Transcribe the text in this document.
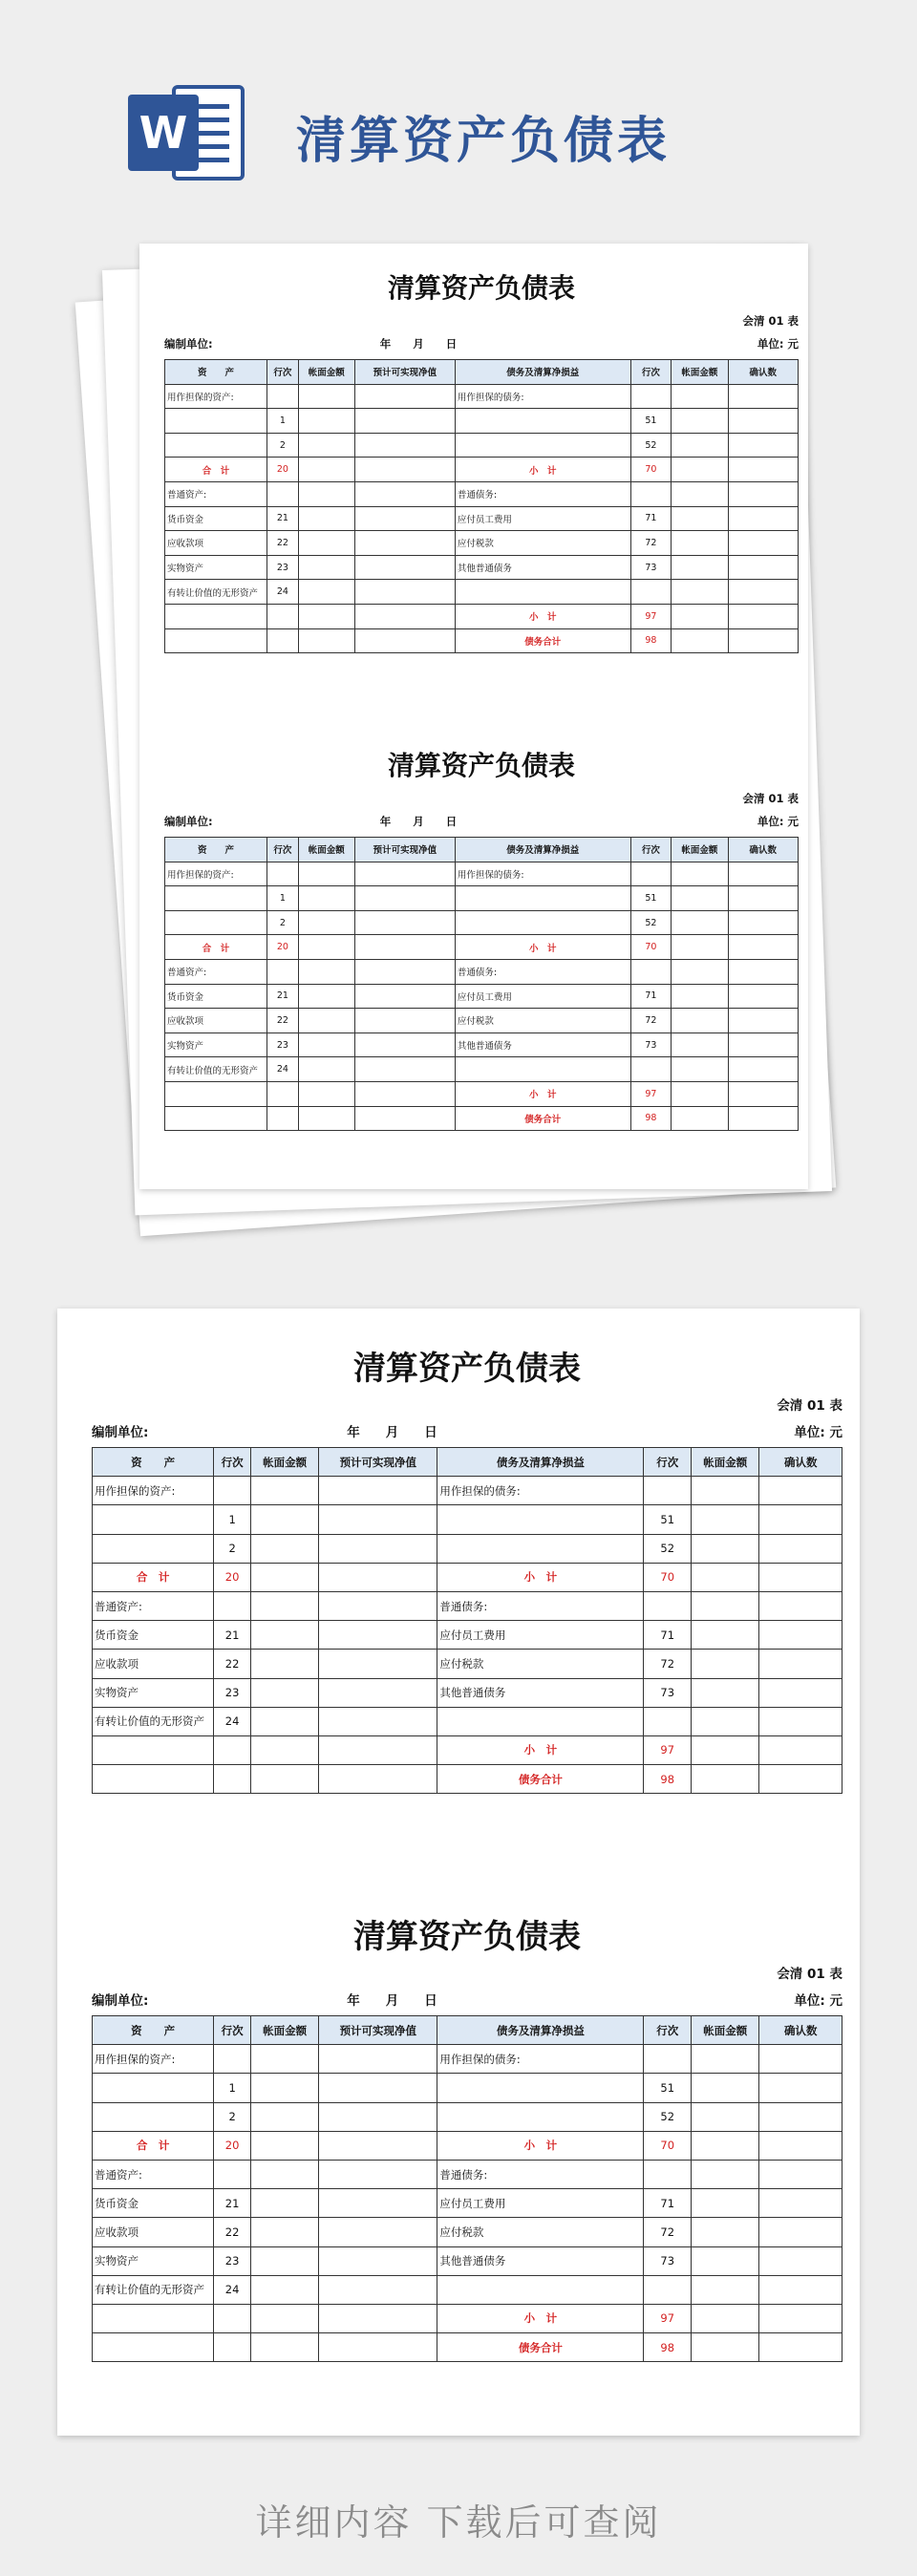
W 清算资产负债表
详细内容 下载后可查阅
清算资产负债表
会清 01 表
编制单位:	年　　月　　日	单位: 元
资　　产	行次	帐面金额	预计可实现净值	债务及清算净损益	行次	帐面金额	确认数
用作担保的资产:				用作担保的债务:			
	1				51		
	2				52		
合　计	20			小　计	70		
普通资产:				普通债务:			
货币资金	21			应付员工费用	71		
应收款项	22			应付税款	72		
实物资产	23			其他普通债务	73		
有转让价值的无形资产	24						
				小　计	97		
				债务合计	98		
清算资产负债表
会清 01 表
编制单位:	年　　月　　日	单位: 元
资　　产	行次	帐面金额	预计可实现净值	债务及清算净损益	行次	帐面金额	确认数
用作担保的资产:				用作担保的债务:			
	1				51		
	2				52		
合　计	20			小　计	70		
普通资产:				普通债务:			
货币资金	21			应付员工费用	71		
应收款项	22			应付税款	72		
实物资产	23			其他普通债务	73		
有转让价值的无形资产	24						
				小　计	97		
				债务合计	98		
清算资产负债表
会清 01 表
编制单位:	年　　月　　日	单位: 元
资　　产	行次	帐面金额	预计可实现净值	债务及清算净损益	行次	帐面金额	确认数
用作担保的资产:				用作担保的债务:			
	1				51		
	2				52		
合　计	20			小　计	70		
普通资产:				普通债务:			
货币资金	21			应付员工费用	71		
应收款项	22			应付税款	72		
实物资产	23			其他普通债务	73		
有转让价值的无形资产	24						
				小　计	97		
				债务合计	98		
清算资产负债表
会清 01 表
编制单位:	年　　月　　日	单位: 元
资　　产	行次	帐面金额	预计可实现净值	债务及清算净损益	行次	帐面金额	确认数
用作担保的资产:				用作担保的债务:			
	1				51		
	2				52		
合　计	20			小　计	70		
普通资产:				普通债务:			
货币资金	21			应付员工费用	71		
应收款项	22			应付税款	72		
实物资产	23			其他普通债务	73		
有转让价值的无形资产	24						
				小　计	97		
				债务合计	98		
